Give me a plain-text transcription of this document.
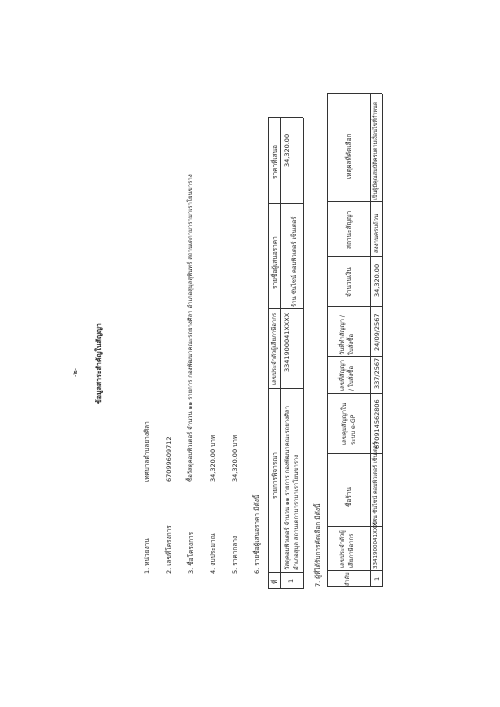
-๒- ข้อมูลสาระสำคัญในสัญญา
1. หน่วยงาน
เทศบาลตำบลยางศิลา
2. เลขที่โครงการ
67099609712
3. ชื่อโครงการ
ซื้อวัสดุคอมพิวเตอร์ จำนวน ๑๑ รายการ กองพัฒนาคณะรถยางศิลา อำเภอสุมุลสุพินทร์ สถานเดกามารามาเราโยนขาราง
4. งบประมาณ
34,320.00 บาท
5. ราคากลาง
34,320.00 บาท
6. รายชื่อผู้เสนอราคา มีดังนี้
ที่
รายการพิจารณา
เลขประจำตัวผู้เสียภาษีอากร
รายชื่อผู้เสนอราคา
ราคาที่เสนอ
1
วัสดุคอมพิวเตอร์ จำนวน ๑๑ รายการ กองพัฒนาคณะรถยางศิลา อำเภอสุมุล สถานเดกามารามาเราโยนขาราง
3341900041XXXX
ร้าน ซันไซน์ คอมพิวเตอร์ เซ็นเตอร์
34,320.00
7. ผู้ที่ได้รับการคัดเลือก มีดังนี้	ลำดับ
เลขประจำตัวผู้เสียภาษีอากร
ชื่อร้าน
เลขคุมสัญญาในระบบ e-GP
เลขที่สัญญา / ใบสั่งซื้อ
วันที่ทำสัญญา / ใบสั่งซื้อ
จำนวนเงิน
สถานะสัญญา
เหตุผลที่คัดเลือก
1
3341900041XXXX
ร้าน ซันไซน์ คอมพิวเตอร์ เซ็นเตอร์
670914562806
337/2567
24/09/2567
34,320.00
สงงานครบถ้วน
เป็นผู้มีคุณสมบัติครบตามเงื่อนไขที่กำหนด
